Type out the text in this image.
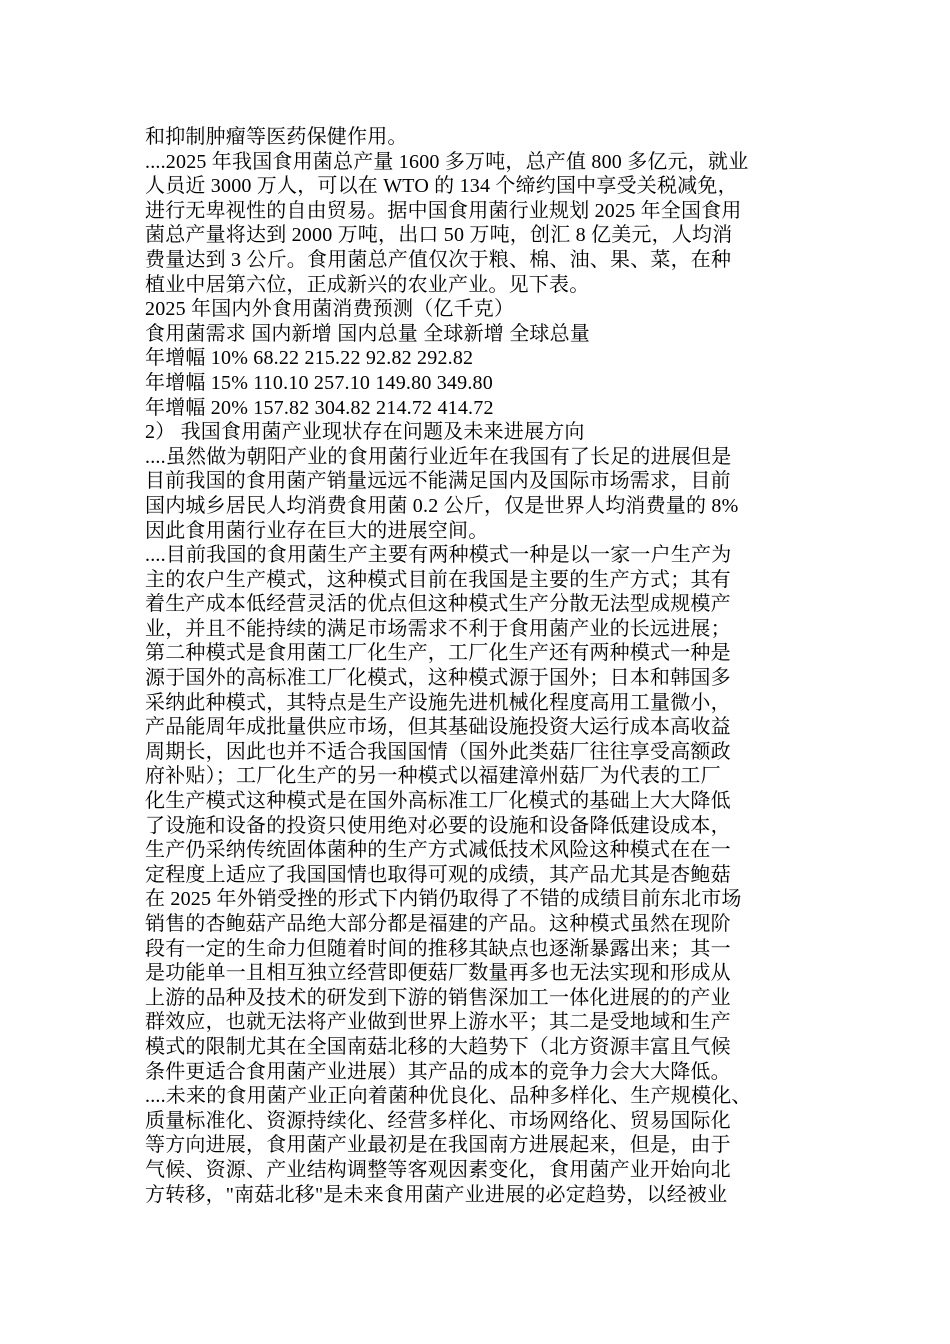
和抑制肿瘤等医药保健作用。
....2025 年我国食用菌总产量 1600 多万吨，总产值 800 多亿元，就业
人员近 3000 万人，可以在 WTO 的 134 个缔约国中享受关税减免，
进行无卑视性的自由贸易。据中国食用菌行业规划 2025 年全国食用
菌总产量将达到 2000 万吨，出口 50 万吨，创汇 8 亿美元，人均消
费量达到 3 公斤。食用菌总产值仅次于粮、棉、油、果、菜，在种
植业中居第六位，正成新兴的农业产业。见下表。
2025 年国内外食用菌消费预测（亿千克）
食用菌需求 国内新增 国内总量 全球新增 全球总量
年增幅 10% 68.22 215.22 92.82 292.82
年增幅 15% 110.10 257.10 149.80 349.80
年增幅 20% 157.82 304.82 214.72 414.72
2） 我国食用菌产业现状存在问题及未来进展方向
....虽然做为朝阳产业的食用菌行业近年在我国有了长足的进展但是
目前我国的食用菌产销量远远不能满足国内及国际市场需求，目前
国内城乡居民人均消费食用菌 0.2 公斤，仅是世界人均消费量的 8%
因此食用菌行业存在巨大的进展空间。
....目前我国的食用菌生产主要有两种模式一种是以一家一户生产为
主的农户生产模式，这种模式目前在我国是主要的生产方式；其有
着生产成本低经营灵活的优点但这种模式生产分散无法型成规模产
业，并且不能持续的满足市场需求不利于食用菌产业的长远进展；
第二种模式是食用菌工厂化生产，工厂化生产还有两种模式一种是
源于国外的高标准工厂化模式，这种模式源于国外；日本和韩国多
采纳此种模式，其特点是生产设施先进机械化程度高用工量微小，
产品能周年成批量供应市场，但其基础设施投资大运行成本高收益
周期长，因此也并不适合我国国情（国外此类菇厂往往享受高额政
府补贴）；工厂化生产的另一种模式以福建漳州菇厂为代表的工厂
化生产模式这种模式是在国外高标准工厂化模式的基础上大大降低
了设施和设备的投资只使用绝对必要的设施和设备降低建设成本，
生产仍采纳传统固体菌种的生产方式减低技术风险这种模式在在一
定程度上适应了我国国情也取得可观的成绩，其产品尤其是杏鲍菇
在 2025 年外销受挫的形式下内销仍取得了不错的成绩目前东北市场
销售的杏鲍菇产品绝大部分都是福建的产品。这种模式虽然在现阶
段有一定的生命力但随着时间的推移其缺点也逐渐暴露出来；其一
是功能单一且相互独立经营即便菇厂数量再多也无法实现和形成从
上游的品种及技术的研发到下游的销售深加工一体化进展的的产业
群效应，也就无法将产业做到世界上游水平；其二是受地域和生产
模式的限制尤其在全国南菇北移的大趋势下（北方资源丰富且气候
条件更适合食用菌产业进展）其产品的成本的竞争力会大大降低。
....未来的食用菌产业正向着菌种优良化、品种多样化、生产规模化、
质量标准化、资源持续化、经营多样化、市场网络化、贸易国际化
等方向进展，食用菌产业最初是在我国南方进展起来，但是，由于
气候、资源、产业结构调整等客观因素变化，食用菌产业开始向北
方转移，"南菇北移"是未来食用菌产业进展的必定趋势，以经被业
